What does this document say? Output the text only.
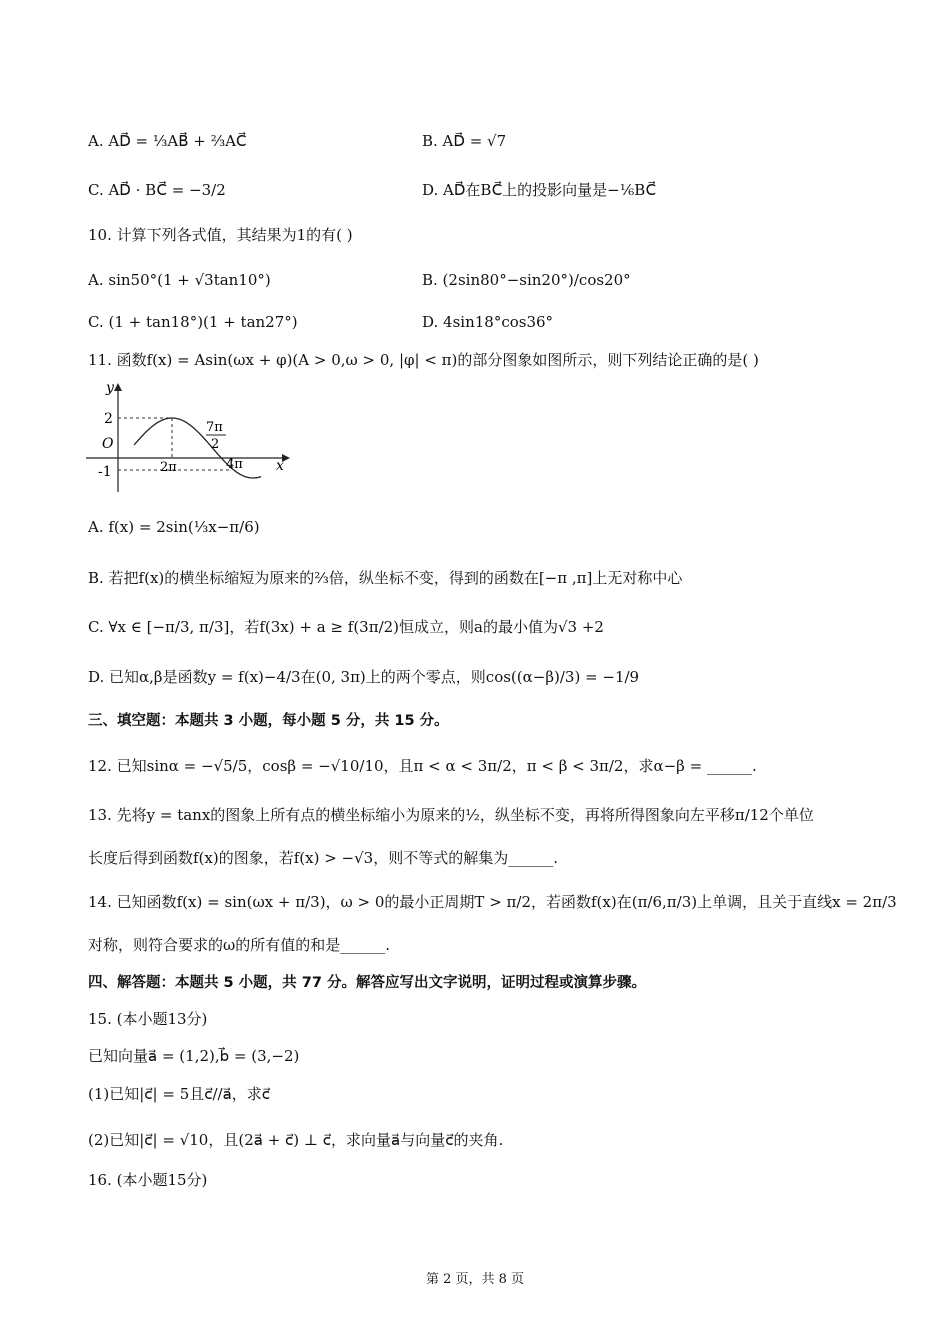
A. AD⃗ = ⅓AB⃗ + ⅔AC⃗	B. AD⃗ = √7
C. AD⃗ · BC⃗ = −3/2	D. AD⃗在BC⃗上的投影向量是−⅙BC⃗
10. 计算下列各式值，其结果为1的有( )
A. sin50°(1 + √3tan10°)	B. (2sin80°−sin20°)/cos20°
C. (1 + tan18°)(1 + tan27°)	D. 4sin18°cos36°
11. 函数f(x) = Asin(ωx + φ)(A > 0,ω > 0, |φ| < π)的部分图象如图所示，则下列结论正确的是( )
y
x
O
2
-1	2π	4π
7π
2
A. f(x) = 2sin(⅓x−π/6)
B. 若把f(x)的横坐标缩短为原来的⅔倍，纵坐标不变，得到的函数在[−π ,π]上无对称中心
C. ∀x ∈ [−π/3, π/3]，若f(3x) + a ≥ f(3π/2)恒成立，则a的最小值为√3 +2
D. 已知α,β是函数y = f(x)−4/3在(0, 3π)上的两个零点，则cos((α−β)/3) = −1/9
三、填空题：本题共 3 小题，每小题 5 分，共 15 分。
12. 已知sinα = −√5/5，cosβ = −√10/10，且π < α < 3π/2，π < β < 3π/2，求α−β = ______.
13. 先将y = tanx的图象上所有点的横坐标缩小为原来的½，纵坐标不变，再将所得图象向左平移π/12个单位
长度后得到函数f(x)的图象，若f(x) > −√3，则不等式的解集为______.
14. 已知函数f(x) = sin(ωx + π/3)，ω > 0的最小正周期T > π/2，若函数f(x)在(π/6,π/3)上单调，且关于直线x = 2π/3
对称，则符合要求的ω的所有值的和是______.
四、解答题：本题共 5 小题，共 77 分。解答应写出文字说明，证明过程或演算步骤。
15. (本小题13分)
已知向量a⃗ = (1,2),b⃗ = (3,−2)
(1)已知|c⃗| = 5且c⃗//a⃗，求c⃗
(2)已知|c⃗| = √10，且(2a⃗ + c⃗) ⊥ c⃗，求向量a⃗与向量c⃗的夹角.
16. (本小题15分)
第 2 页，共 8 页
